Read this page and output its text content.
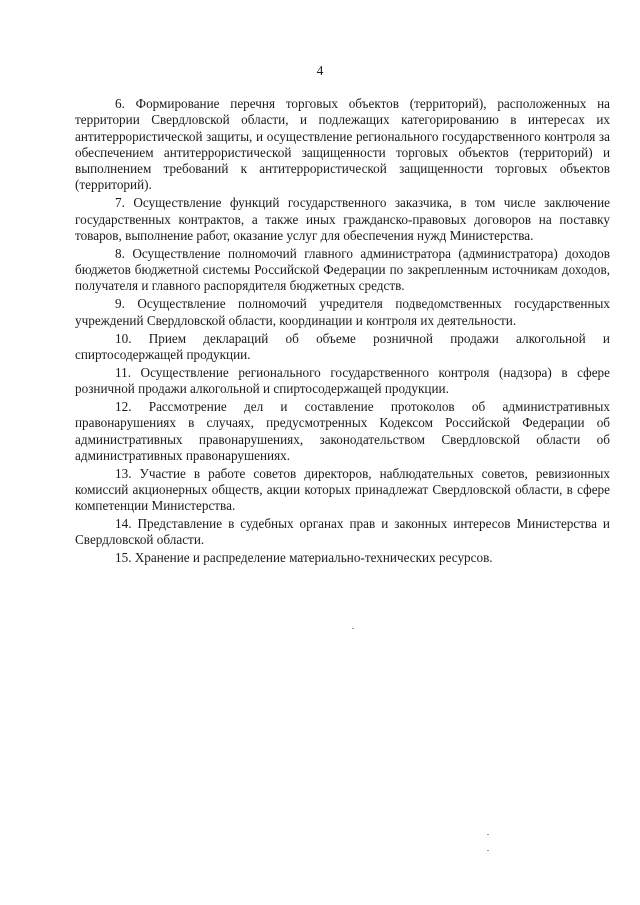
4

6. Формирование перечня торговых объектов (территорий), расположенных на территории Свердловской области, и подлежащих категорированию в интересах их антитеррористической защиты, и осуществление регионального государственного контроля за обеспечением антитеррористической защищенности торговых объектов (территорий) и выполнением требований к антитеррористической защищенности торговых объектов (территорий).

7. Осуществление функций государственного заказчика, в том числе заключение государственных контрактов, а также иных гражданско-правовых договоров на поставку товаров, выполнение работ, оказание услуг для обеспечения нужд Министерства.

8. Осуществление полномочий главного администратора (администратора) доходов бюджетов бюджетной системы Российской Федерации по закрепленным источникам доходов, получателя и главного распорядителя бюджетных средств.

9. Осуществление полномочий учредителя подведомственных государственных учреждений Свердловской области, координации и контроля их деятельности.

10. Прием деклараций об объеме розничной продажи алкогольной и спиртосодержащей продукции.

11. Осуществление регионального государственного контроля (надзора) в сфере розничной продажи алкогольной и спиртосодержащей продукции.

12. Рассмотрение дел и составление протоколов об административных правонарушениях в случаях, предусмотренных Кодексом Российской Федерации об административных правонарушениях, законодательством Свердловской области об административных правонарушениях.

13. Участие в работе советов директоров, наблюдательных советов, ревизионных комиссий акционерных обществ, акции которых принадлежат Свердловской области, в сфере компетенции Министерства.

14. Представление в судебных органах прав и законных интересов Министерства и Свердловской области.

15. Хранение и распределение материально-технических ресурсов.
